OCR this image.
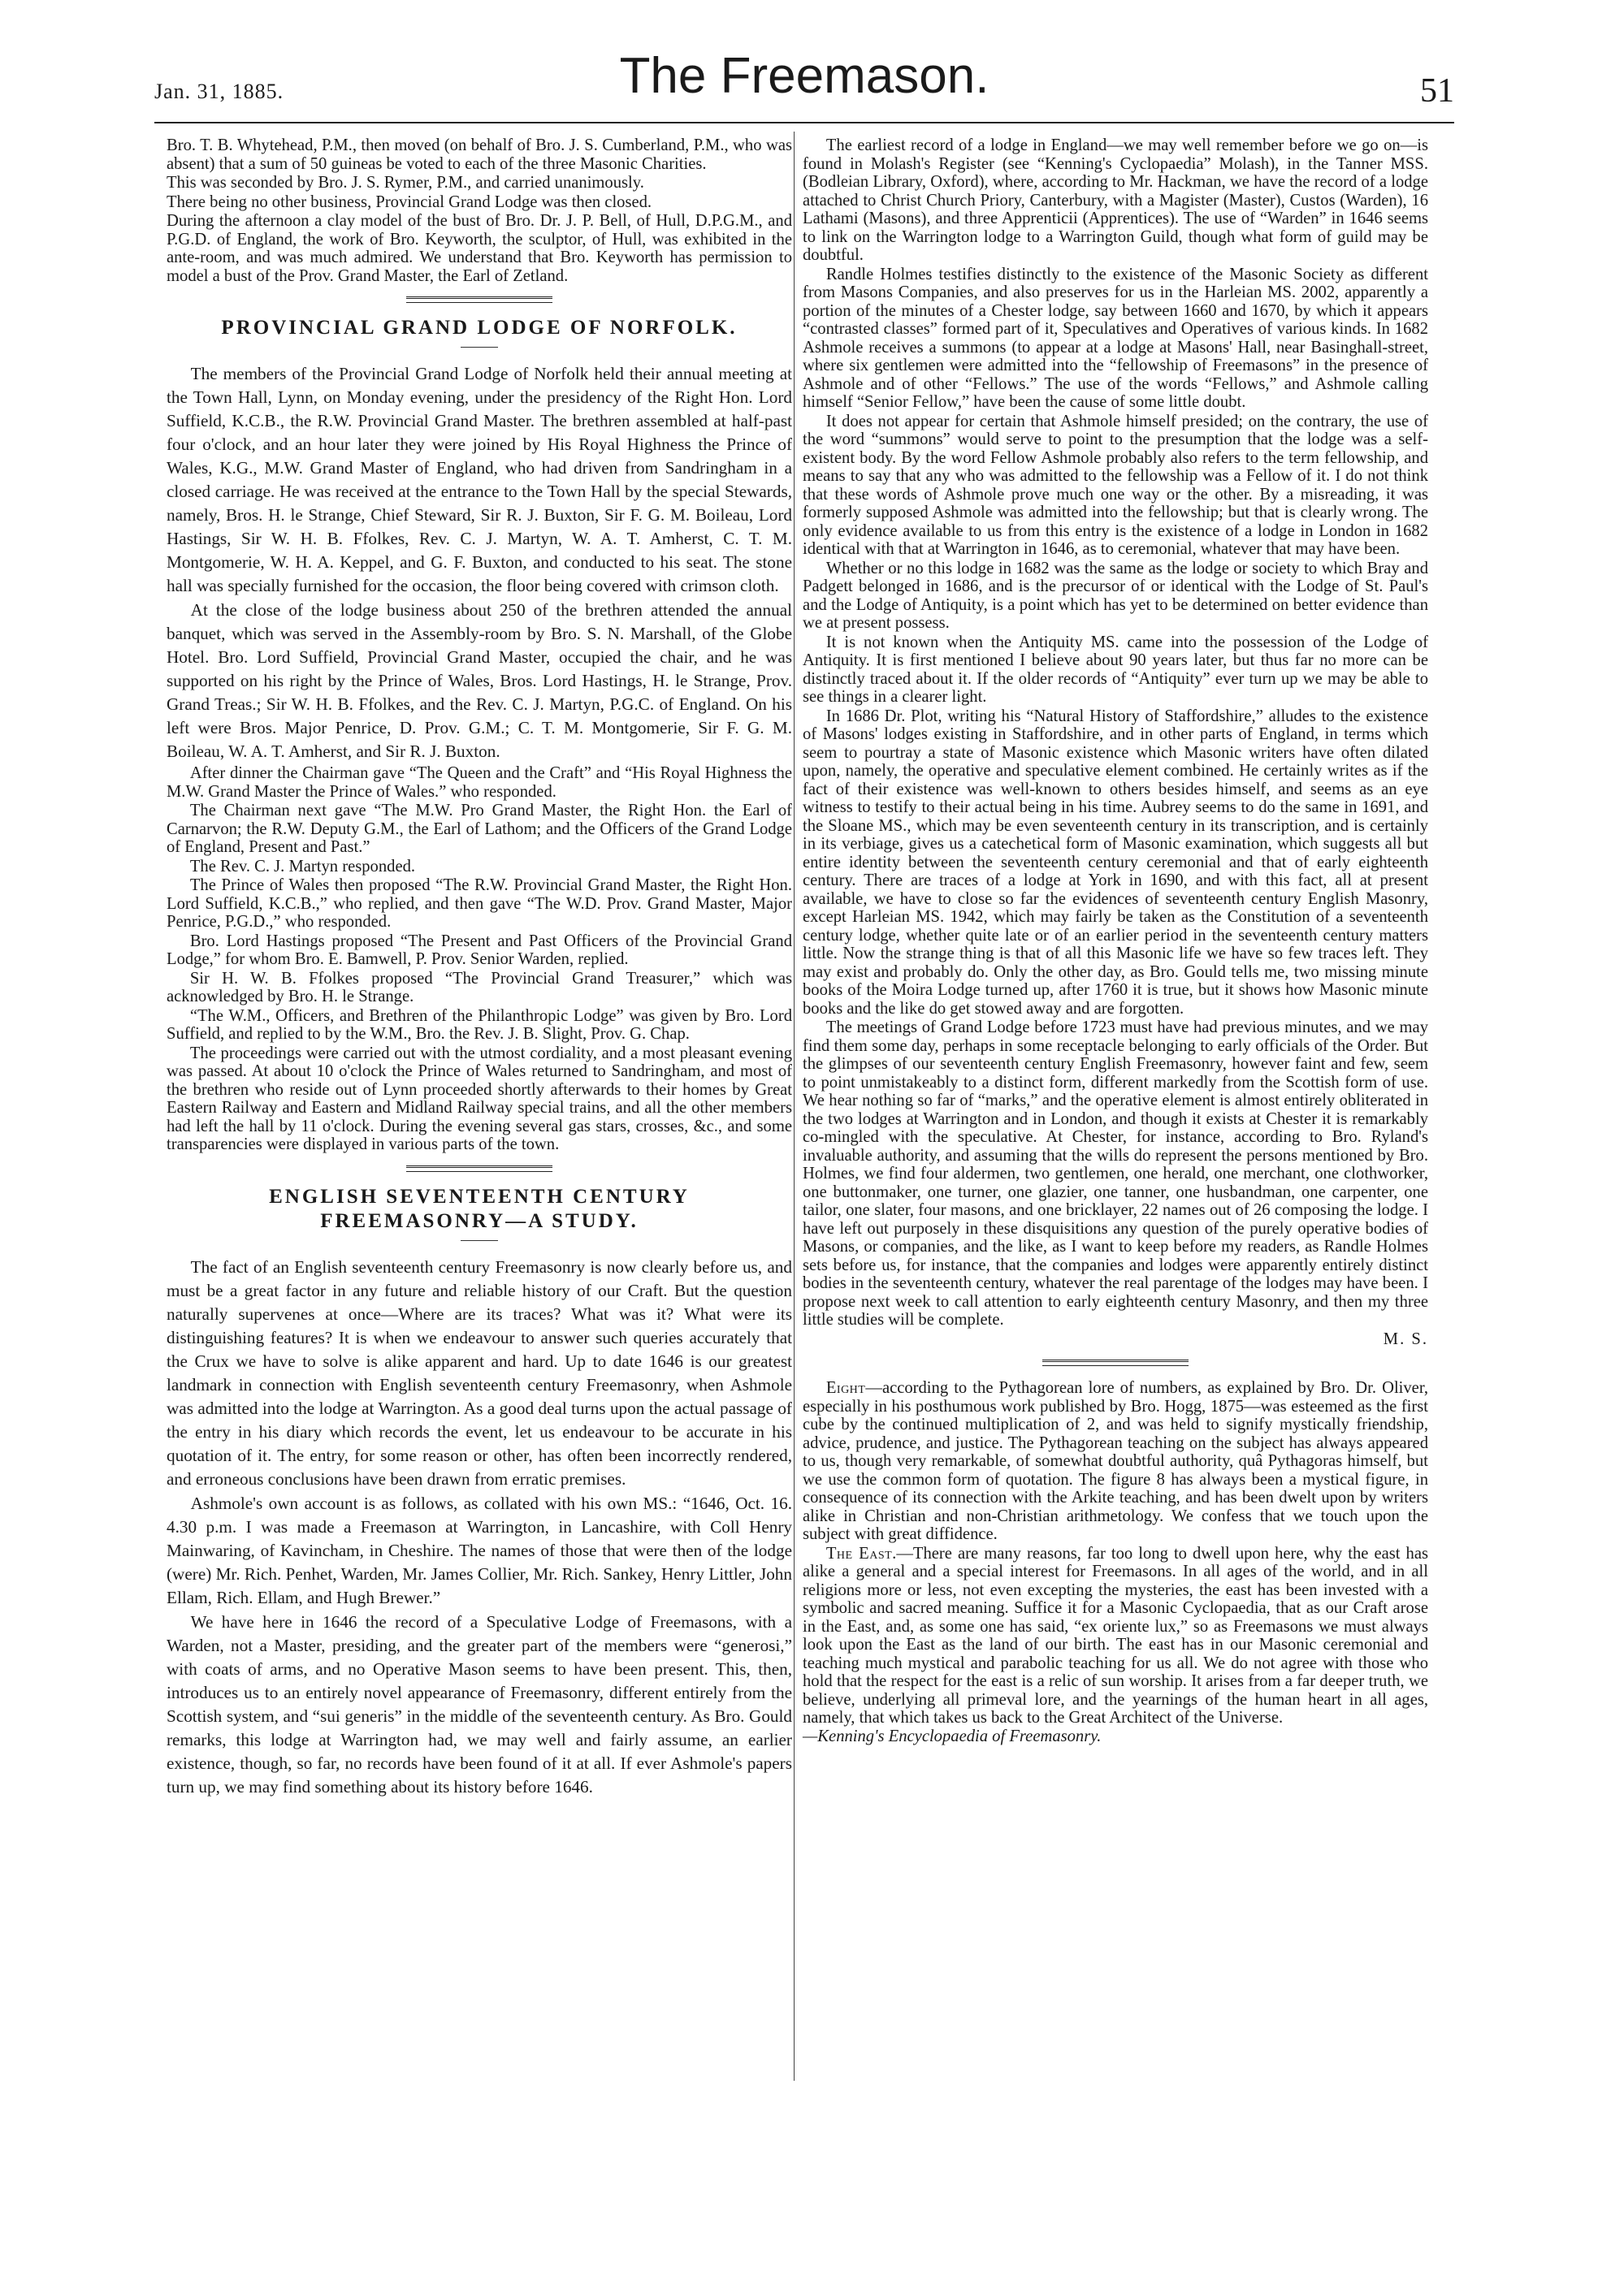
Jan. 31, 1885.	The Freemason.	51

Bro. T. B. Whytehead, P.M., then moved (on behalf of Bro. J. S. Cumberland, P.M., who was absent) that a sum of 50 guineas be voted to each of the three Masonic Charities.

This was seconded by Bro. J. S. Rymer, P.M., and carried unanimously.

There being no other business, Provincial Grand Lodge was then closed.

During the afternoon a clay model of the bust of Bro. Dr. J. P. Bell, of Hull, D.P.G.M., and P.G.D. of England, the work of Bro. Keyworth, the sculptor, of Hull, was exhibited in the ante-room, and was much admired. We understand that Bro. Keyworth has permission to model a bust of the Prov. Grand Master, the Earl of Zetland.

PROVINCIAL GRAND LODGE OF NORFOLK.

The members of the Provincial Grand Lodge of Norfolk held their annual meeting at the Town Hall, Lynn, on Monday evening, under the presidency of the Right Hon. Lord Suffield, K.C.B., the R.W. Provincial Grand Master. The brethren assembled at half-past four o'clock, and an hour later they were joined by His Royal Highness the Prince of Wales, K.G., M.W. Grand Master of England, who had driven from Sandringham in a closed carriage. He was received at the entrance to the Town Hall by the special Stewards, namely, Bros. H. le Strange, Chief Steward, Sir R. J. Buxton, Sir F. G. M. Boileau, Lord Hastings, Sir W. H. B. Ffolkes, Rev. C. J. Martyn, W. A. T. Amherst, C. T. M. Montgomerie, W. H. A. Keppel, and G. F. Buxton, and conducted to his seat. The stone hall was specially furnished for the occasion, the floor being covered with crimson cloth.

At the close of the lodge business about 250 of the brethren attended the annual banquet, which was served in the Assembly-room by Bro. S. N. Marshall, of the Globe Hotel. Bro. Lord Suffield, Provincial Grand Master, occupied the chair, and he was supported on his right by the Prince of Wales, Bros. Lord Hastings, H. le Strange, Prov. Grand Treas.; Sir W. H. B. Ffolkes, and the Rev. C. J. Martyn, P.G.C. of England. On his left were Bros. Major Penrice, D. Prov. G.M.; C. T. M. Montgomerie, Sir F. G. M. Boileau, W. A. T. Amherst, and Sir R. J. Buxton.

After dinner the Chairman gave “The Queen and the Craft” and “His Royal Highness the M.W. Grand Master the Prince of Wales.” who responded.

The Chairman next gave “The M.W. Pro Grand Master, the Right Hon. the Earl of Carnarvon; the R.W. Deputy G.M., the Earl of Lathom; and the Officers of the Grand Lodge of England, Present and Past.”

The Rev. C. J. Martyn responded.

The Prince of Wales then proposed “The R.W. Provincial Grand Master, the Right Hon. Lord Suffield, K.C.B.,” who replied, and then gave “The W.D. Prov. Grand Master, Major Penrice, P.G.D.,” who responded.

Bro. Lord Hastings proposed “The Present and Past Officers of the Provincial Grand Lodge,” for whom Bro. E. Bamwell, P. Prov. Senior Warden, replied.

Sir H. W. B. Ffolkes proposed “The Provincial Grand Treasurer,” which was acknowledged by Bro. H. le Strange.

“The W.M., Officers, and Brethren of the Philanthropic Lodge” was given by Bro. Lord Suffield, and replied to by the W.M., Bro. the Rev. J. B. Slight, Prov. G. Chap.

The proceedings were carried out with the utmost cordiality, and a most pleasant evening was passed. At about 10 o'clock the Prince of Wales returned to Sandringham, and most of the brethren who reside out of Lynn proceeded shortly afterwards to their homes by Great Eastern Railway and Eastern and Midland Railway special trains, and all the other members had left the hall by 11 o'clock. During the evening several gas stars, crosses, &c., and some transparencies were displayed in various parts of the town.

ENGLISH SEVENTEENTH CENTURY
FREEMASONRY—A STUDY.

The fact of an English seventeenth century Freemasonry is now clearly before us, and must be a great factor in any future and reliable history of our Craft. But the question naturally supervenes at once—Where are its traces? What was it? What were its distinguishing features? It is when we endeavour to answer such queries accurately that the Crux we have to solve is alike apparent and hard. Up to date 1646 is our greatest landmark in connection with English seventeenth century Freemasonry, when Ashmole was admitted into the lodge at Warrington. As a good deal turns upon the actual passage of the entry in his diary which records the event, let us endeavour to be accurate in his quotation of it. The entry, for some reason or other, has often been incorrectly rendered, and erroneous conclusions have been drawn from erratic premises.

Ashmole's own account is as follows, as collated with his own MS.: “1646, Oct. 16. 4.30 p.m. I was made a Freemason at Warrington, in Lancashire, with Coll Henry Mainwaring, of Kavincham, in Cheshire. The names of those that were then of the lodge (were) Mr. Rich. Penhet, Warden, Mr. James Collier, Mr. Rich. Sankey, Henry Littler, John Ellam, Rich. Ellam, and Hugh Brewer.”

We have here in 1646 the record of a Speculative Lodge of Freemasons, with a Warden, not a Master, presiding, and the greater part of the members were “generosi,” with coats of arms, and no Operative Mason seems to have been present. This, then, introduces us to an entirely novel appearance of Freemasonry, different entirely from the Scottish system, and “sui generis” in the middle of the seventeenth century. As Bro. Gould remarks, this lodge at Warrington had, we may well and fairly assume, an earlier existence, though, so far, no records have been found of it at all. If ever Ashmole's papers turn up, we may find something about its history before 1646.

The earliest record of a lodge in England—we may well remember before we go on—is found in Molash's Register (see “Kenning's Cyclopaedia” Molash), in the Tanner MSS. (Bodleian Library, Oxford), where, according to Mr. Hackman, we have the record of a lodge attached to Christ Church Priory, Canterbury, with a Magister (Master), Custos (Warden), 16 Lathami (Masons), and three Apprenticii (Apprentices). The use of “Warden” in 1646 seems to link on the Warrington lodge to a Warrington Guild, though what form of guild may be doubtful.

Randle Holmes testifies distinctly to the existence of the Masonic Society as different from Masons Companies, and also preserves for us in the Harleian MS. 2002, apparently a portion of the minutes of a Chester lodge, say between 1660 and 1670, by which it appears “contrasted classes” formed part of it, Speculatives and Operatives of various kinds. In 1682 Ashmole receives a summons (to appear at a lodge at Masons' Hall, near Basinghall-street, where six gentlemen were admitted into the “fellowship of Freemasons” in the presence of Ashmole and of other “Fellows.” The use of the words “Fellows,” and Ashmole calling himself “Senior Fellow,” have been the cause of some little doubt.

It does not appear for certain that Ashmole himself presided; on the contrary, the use of the word “summons” would serve to point to the presumption that the lodge was a self-existent body. By the word Fellow Ashmole probably also refers to the term fellowship, and means to say that any who was admitted to the fellowship was a Fellow of it. I do not think that these words of Ashmole prove much one way or the other. By a misreading, it was formerly supposed Ashmole was admitted into the fellowship; but that is clearly wrong. The only evidence available to us from this entry is the existence of a lodge in London in 1682 identical with that at Warrington in 1646, as to ceremonial, whatever that may have been.

Whether or no this lodge in 1682 was the same as the lodge or society to which Bray and Padgett belonged in 1686, and is the precursor of or identical with the Lodge of St. Paul's and the Lodge of Antiquity, is a point which has yet to be determined on better evidence than we at present possess.

It is not known when the Antiquity MS. came into the possession of the Lodge of Antiquity. It is first mentioned I believe about 90 years later, but thus far no more can be distinctly traced about it. If the older records of “Antiquity” ever turn up we may be able to see things in a clearer light.

In 1686 Dr. Plot, writing his “Natural History of Staffordshire,” alludes to the existence of Masons' lodges existing in Staffordshire, and in other parts of England, in terms which seem to pourtray a state of Masonic existence which Masonic writers have often dilated upon, namely, the operative and speculative element combined. He certainly writes as if the fact of their existence was well-known to others besides himself, and seems as an eye witness to testify to their actual being in his time. Aubrey seems to do the same in 1691, and the Sloane MS., which may be even seventeenth century in its transcription, and is certainly in its verbiage, gives us a catechetical form of Masonic examination, which suggests all but entire identity between the seventeenth century ceremonial and that of early eighteenth century. There are traces of a lodge at York in 1690, and with this fact, all at present available, we have to close so far the evidences of seventeenth century English Masonry, except Harleian MS. 1942, which may fairly be taken as the Constitution of a seventeenth century lodge, whether quite late or of an earlier period in the seventeenth century matters little. Now the strange thing is that of all this Masonic life we have so few traces left. They may exist and probably do. Only the other day, as Bro. Gould tells me, two missing minute books of the Moira Lodge turned up, after 1760 it is true, but it shows how Masonic minute books and the like do get stowed away and are forgotten.

The meetings of Grand Lodge before 1723 must have had previous minutes, and we may find them some day, perhaps in some receptacle belonging to early officials of the Order. But the glimpses of our seventeenth century English Freemasonry, however faint and few, seem to point unmistakeably to a distinct form, different markedly from the Scottish form of use. We hear nothing so far of “marks,” and the operative element is almost entirely obliterated in the two lodges at Warrington and in London, and though it exists at Chester it is remarkably co-mingled with the speculative. At Chester, for instance, according to Bro. Ryland's invaluable authority, and assuming that the wills do represent the persons mentioned by Bro. Holmes, we find four aldermen, two gentlemen, one herald, one merchant, one clothworker, one buttonmaker, one turner, one glazier, one tanner, one husbandman, one carpenter, one tailor, one slater, four masons, and one bricklayer, 22 names out of 26 composing the lodge. I have left out purposely in these disquisitions any question of the purely operative bodies of Masons, or companies, and the like, as I want to keep before my readers, as Randle Holmes sets before us, for instance, that the companies and lodges were apparently entirely distinct bodies in the seventeenth century, whatever the real parentage of the lodges may have been. I propose next week to call attention to early eighteenth century Masonry, and then my three little studies will be complete.

M. S.

Eight—according to the Pythagorean lore of numbers, as explained by Bro. Dr. Oliver, especially in his posthumous work published by Bro. Hogg, 1875—was esteemed as the first cube by the continued multiplication of 2, and was held to signify mystically friendship, advice, prudence, and justice. The Pythagorean teaching on the subject has always appeared to us, though very remarkable, of somewhat doubtful authority, quâ Pythagoras himself, but we use the common form of quotation. The figure 8 has always been a mystical figure, in consequence of its connection with the Arkite teaching, and has been dwelt upon by writers alike in Christian and non-Christian arithmetology. We confess that we touch upon the subject with great diffidence.

The East.—There are many reasons, far too long to dwell upon here, why the east has alike a general and a special interest for Freemasons. In all ages of the world, and in all religions more or less, not even excepting the mysteries, the east has been invested with a symbolic and sacred meaning. Suffice it for a Masonic Cyclopaedia, that as our Craft arose in the East, and, as some one has said, “ex oriente lux,” so as Freemasons we must always look upon the East as the land of our birth. The east has in our Masonic ceremonial and teaching much mystical and parabolic teaching for us all. We do not agree with those who hold that the respect for the east is a relic of sun worship. It arises from a far deeper truth, we believe, underlying all primeval lore, and the yearnings of the human heart in all ages, namely, that which takes us back to the Great Architect of the Universe.
—Kenning's Encyclopaedia of Freemasonry.
